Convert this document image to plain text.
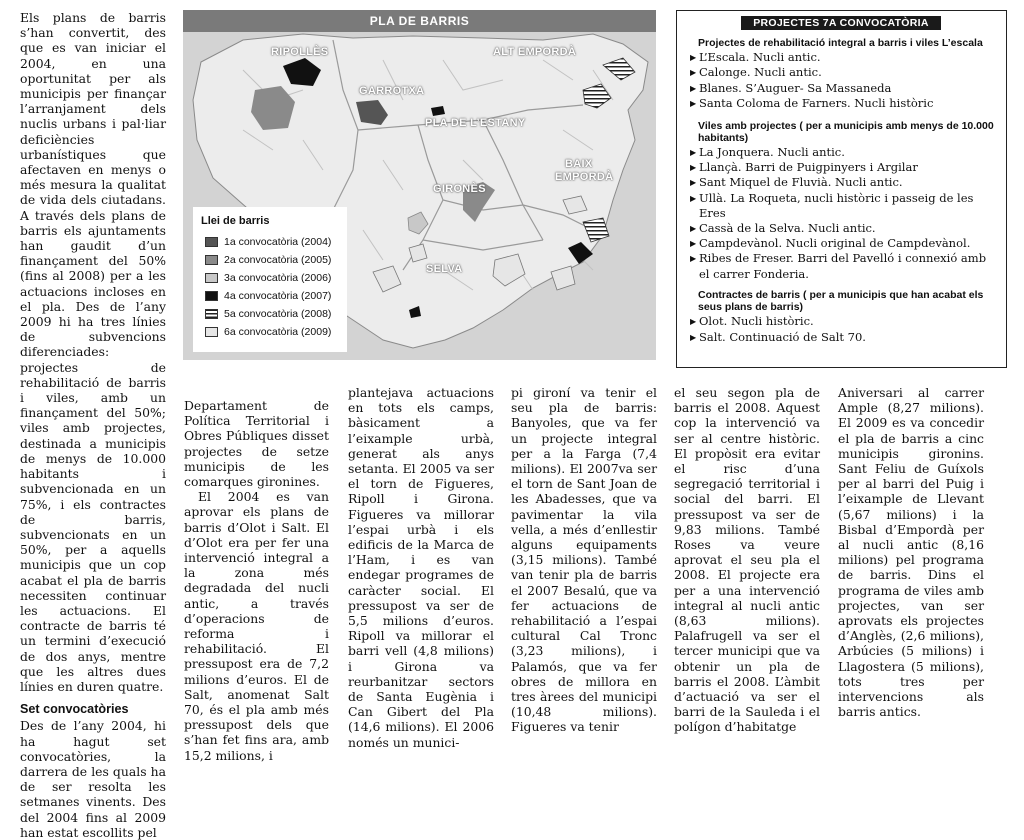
Els plans de barris s’han convertit, des que es van iniciar el 2004, en una oportunitat per als municipis per finançar l’arranjament dels nuclis urbans i pal·liar deficiències urbanístiques que afectaven en menys o més mesura la qualitat de vida dels ciutadans. A través dels plans de barris els ajuntaments han gaudit d’un finançament del 50% (fins al 2008) per a les actuacions incloses en el pla. Des de l’any 2009 hi ha tres línies de subvencions diferenciades: projectes de rehabilitació de barris i viles, amb un finançament del 50%; viles amb projectes, destinada a municipis de menys de 10.000 habitants i subvencionada en un 75%, i els contractes de barris, subvencionats en un 50%, per a aquells municipis que un cop acabat el pla de barris necessiten continuar les actuacions. El contracte de barris té un termini d’execució de dos anys, mentre que les altres dues línies en duren quatre.

Set convocatòries

Des de l’any 2004, hi ha hagut set convocatòries, la darrera de les quals ha de ser resolta les setmanes vinents. Des del 2004 fins al 2009 han estat escollits pel

PLA DE BARRIS
RIPOLLÈS	ALT EMPORDÀ
GARROTXA
PLA DE L’ESTANY
BAIX
EMPORDÀ
GIRONÈS
SELVA
Llei de barris
1a convocatòria (2004)
2a convocatòria (2005)
3a convocatòria (2006)
4a convocatòria (2007)
5a convocatòria (2008)
6a convocatòria (2009)
PROJECTES 7A CONVOCATÒRIA
Projectes de rehabilitació integral a barris i viles L’escala

▶ L’Escala. Nucli antic.

▶ Calonge. Nucli antic.

▶ Blanes. S’Auguer- Sa Massaneda

▶ Santa Coloma de Farners. Nucli històric

Viles amb projectes ( per a municipis amb menys de 10.000 habitants)

▶ La Jonquera. Nucli antic.

▶ Llançà. Barri de Puigpinyers i Argilar

▶ Sant Miquel de Fluvià. Nucli antic.

▶ Ullà. La Roqueta, nucli històric i passeig de les Eres

▶ Cassà de la Selva. Nucli antic.

▶ Campdevànol. Nucli original de Campdevànol.

▶ Ribes de Freser. Barri del Pavelló i connexió amb el carrer Fonderia.

Contractes de barris ( per a municipis que han acabat els seus plans de barris)

▶ Olot. Nucli històric.

▶ Salt. Continuació de Salt 70.

Departament de Política Territorial i Obres Públiques disset projectes de setze municipis de les comarques gironines.

El 2004 es van aprovar els plans de barris d’Olot i Salt. El d’Olot era per fer una intervenció integral a la zona més degradada del nucli antic, a través d’operacions de reforma i rehabilitació. El pressupost era de 7,2 milions d’euros. El de Salt, anomenat Salt 70, és el pla amb més pressupost dels que s’han fet fins ara, amb 15,2 milions, i

plantejava actuacions en tots els camps, bàsicament a l’eixample urbà, generat als anys setanta. El 2005 va ser el torn de Figueres, Ripoll i Girona. Figueres va millorar l’espai urbà i els edificis de la Marca de l’Ham, i es van endegar programes de caràcter social. El pressupost va ser de 5,5 milions d’euros. Ripoll va millorar el barri vell (4,8 milions) i Girona va reurbanitzar sectors de Santa Eugènia i Can Gibert del Pla (14,6 milions). El 2006 només un munici-

pi gironí va tenir el seu pla de barris: Banyoles, que va fer un projecte integral per a la Farga (7,4 milions). El 2007va ser el torn de Sant Joan de les Abadesses, que va pavimentar la vila vella, a més d’enllestir alguns equipaments (3,15 milions). També van tenir pla de barris el 2007 Besalú, que va fer actuacions de rehabilitació a l’espai cultural Cal Tronc (3,23 milions), i Palamós, que va fer obres de millora en tres àrees del municipi (10,48 milions). Figueres va tenir

el seu segon pla de barris el 2008. Aquest cop la intervenció va ser al centre històric. El propòsit era evitar el risc d’una segregació territorial i social del barri. El pressupost va ser de 9,83 milions. També Roses va veure aprovat el seu pla el 2008. El projecte era per a una intervenció integral al nucli antic (8,63 milions). Palafrugell va ser el tercer municipi que va obtenir un pla de barris el 2008. L’àmbit d’actuació va ser el barri de la Sauleda i el polígon d’habitatge

Aniversari al carrer Ample (8,27 milions). El 2009 es va concedir el pla de barris a cinc municipis gironins. Sant Feliu de Guíxols per al barri del Puig i l’eixample de Llevant (5,67 milions) i la Bisbal d’Empordà per al nucli antic (8,16 milions) pel programa de barris. Dins el programa de viles amb projectes, van ser aprovats els projectes d’Anglès, (2,6 milions), Arbúcies (5 milions) i Llagostera (5 milions), tots tres per intervencions als barris antics.
